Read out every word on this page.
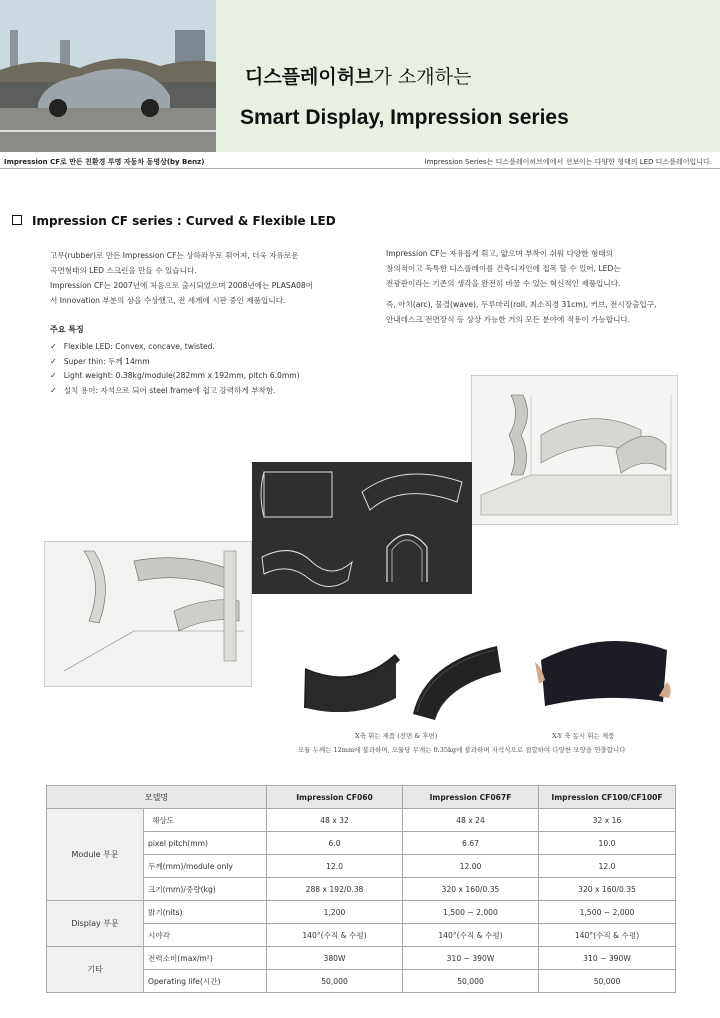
디스플레이허브가 소개하는
Smart Display, Impression series
Impression CF로 만든 친환경 투명 자동차 동영상(by Benz)	Impression Series는 디스플레이허브에에서 선보이는 다양한 형태의 LED 디스플레이입니다.
Impression CF series : Curved & Flexible LED

고무(rubber)로 만든 Impression CF는 상하좌우로 휘어져, 더욱 자유로운

곡면형태의 LED 스크린을 만들 수 있습니다.

Impression CF는 2007년에 처음으로 출시되었으며 2008년에는 PLASA08어

서 Innovation 부분의 상을 수상했고, 전 세계에 시판 중인 제품입니다.

주요 특징
✓ Flexible LED: Convex, concave, twisted.
✓ Super thin: 두께 14mm
✓ Light weight: 0.38kg/module(282mm x 192mm, pitch 6.0mm)
✓ 설치 용이: 자석으로 되어 steel frame에 쉽고 강력하게 부착함.

Impression CF는 자유롭게 휘고, 얇으며 부착이 쉬워 다양한 형태의
창의적이고 독특한 디스플레이를 건축디자인에 접목 할 수 있어, LED는
전광판이라는 기존의 생각을 완전히 바꿀 수 있는 혁신적인 제품입니다.

즉, 아치(arc), 물결(wave), 두루마리(roll, 최소직경 31cm), 커브, 전시장출입구,
안내데스크 전면장식 등 상상 가능한 거의 모든 분야에 적용이 가능합니다.

X축 휘는 제품 (전면 & 후면)	X-Y 축 동시 휘는 제품
모듈 두께는 12mm에 불과하며, 모듈당 무게는 0.35kg에 불과하며 자석식으로 접합하여 다양한 모양을 연출합니다
모델명		Impression CF060	Impression CF067F	Impression CF100/CF100F
Module 부문	해상도	48 x 32	48 x 24	32 x 16
	pixel pitch(mm)	6.0	6.67	10.0
	두께(mm)/module only	12.0	12.00	12.0
	크기(mm)/중량(kg)	288 x 192/0.38	320 x 160/0.35	320 x 160/0.35
Display 부문	밝기(nits)	1,200	1,500 ~ 2,000	1,500 ~ 2,000
	시야각	140°(수직 & 수평)	140°(수직 & 수평)	140°(수직 & 수평)
기타	전력소비(max/m²)	380W	310 ~ 390W	310 ~ 390W
	Operating life(시간)	50,000	50,000	50,000
